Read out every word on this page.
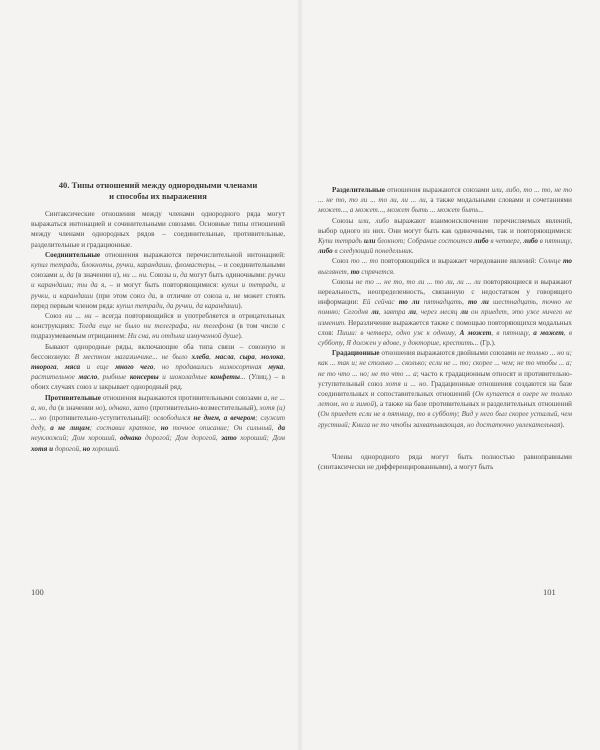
40. Типы отношений между однородными членами
и способы их выражения

Синтаксические отношения между членами однородного ряда могут выражаться интонацией и сочинительными союзами. Основные типы отношений между членами однородных рядов – соединительные, противительные, разделительные и градационные.

Соединительные отношения выражаются перечислительной интонацией: купил тетради, блокноты, ручки, карандаши, фломастеры, – и соединительными союзами и, да (в значении и), ни ... ни. Союзы и, да могут быть одиночными: ручки и карандаши; ты да я, – и могут быть повторяющимися: купил и тетради, и ручки, и карандаши (при этом союз да, в отличие от союза и, не может стоять перед первым членом ряда: купил тетради, да ручки, да карандаши).

Союз ни ... ни – всегда повторяющийся и употребляется в отрицательных конструкциях: Тогда еще не было ни телеграфа, ни телефона (в том числе с подразумеваемым отрицанием: Ни сна, ни отдыха измученной душе).

Бывают однородные ряды, включающие оба типа связи – союзную и бессоюзную: В местном магазинчике... не было хлеба, масла, сыра, молока, творога, мяса и еще много чего, но продавались низкосортная мука, растительное масло, рыбные консервы и шоколадные конфеты... (Улиц.) – в обоих случаях союз и закрывает однородный ряд.

Противительные отношения выражаются противительными союзами а, не ... а, но, да (в значении но), однако, зато (противительно-возместительный), хотя (и) ... но (противительно-уступительный): освободился не днем, а вечером; служит деду, а не лицам; составил краткое, но точное описание; Он сильный, да неуклюжий; Дом хороший, однако дорогой; Дом дорогой, зато хороший; Дом хотя и дорогой, но хороший.

100

Разделительные отношения выражаются союзами или, либо, то ... то, не то ... не то, то ли ... то ли, ли ... ли, а также модальными словами и сочетаниями может..., а может..., может быть ... может быть...

Союзы или, либо выражают взаимоисключение перечисляемых явлений, выбор одного из них. Они могут быть как одиночными, так и повторяющимися: Купи тетрадь или блокнот; Собрание состоится либо в четверг, либо в пятницу, либо в следующий понедельник.

Союз то ... то повторяющийся и выражает чередование явлений: Солнце то выглянет, то спрячется.

Союзы не то ... не то, то ли ... то ли, ли ... ли повторяющиеся и выражают нереальность, неопределенность, связанную с недостатком у говорящего информации: Ей сейчас то ли пятнадцать, то ли шестнадцать, точно не помню; Сегодня ли, завтра ли, через месяц ли он приедет, это уже ничего не изменит. Неразличение выражается также с помощью повторяющихся модальных слов: Пиши: в четверг, одно уж к одному, А может, в пятницу, а может, в субботу, Я должен у вдове, у докторше, крестить... (Гр.).

Градационные отношения выражаются двойными союзами не только ... но и; как ... так и; не столько ... сколько; если не ... то; скорее ... чем; не то чтобы ... а; не то что ... но; не то что ... а; часто к градационным относят и противительно-уступительный союз хотя и ... но. Градационные отношения создаются на базе соединительных и сопоставительных отношений (Он купается в озере не только летом, но и зимой), а также на базе противительных и разделительных отношений (Он приедет если не в пятницу, то в субботу; Вид у него был скорее усталый, чем грустный; Книга не то чтобы захватывающая, но достаточно увлекательная).

Члены однородного ряда могут быть полностью равноправными (синтаксически не дифференцированными), а могут быть

101
